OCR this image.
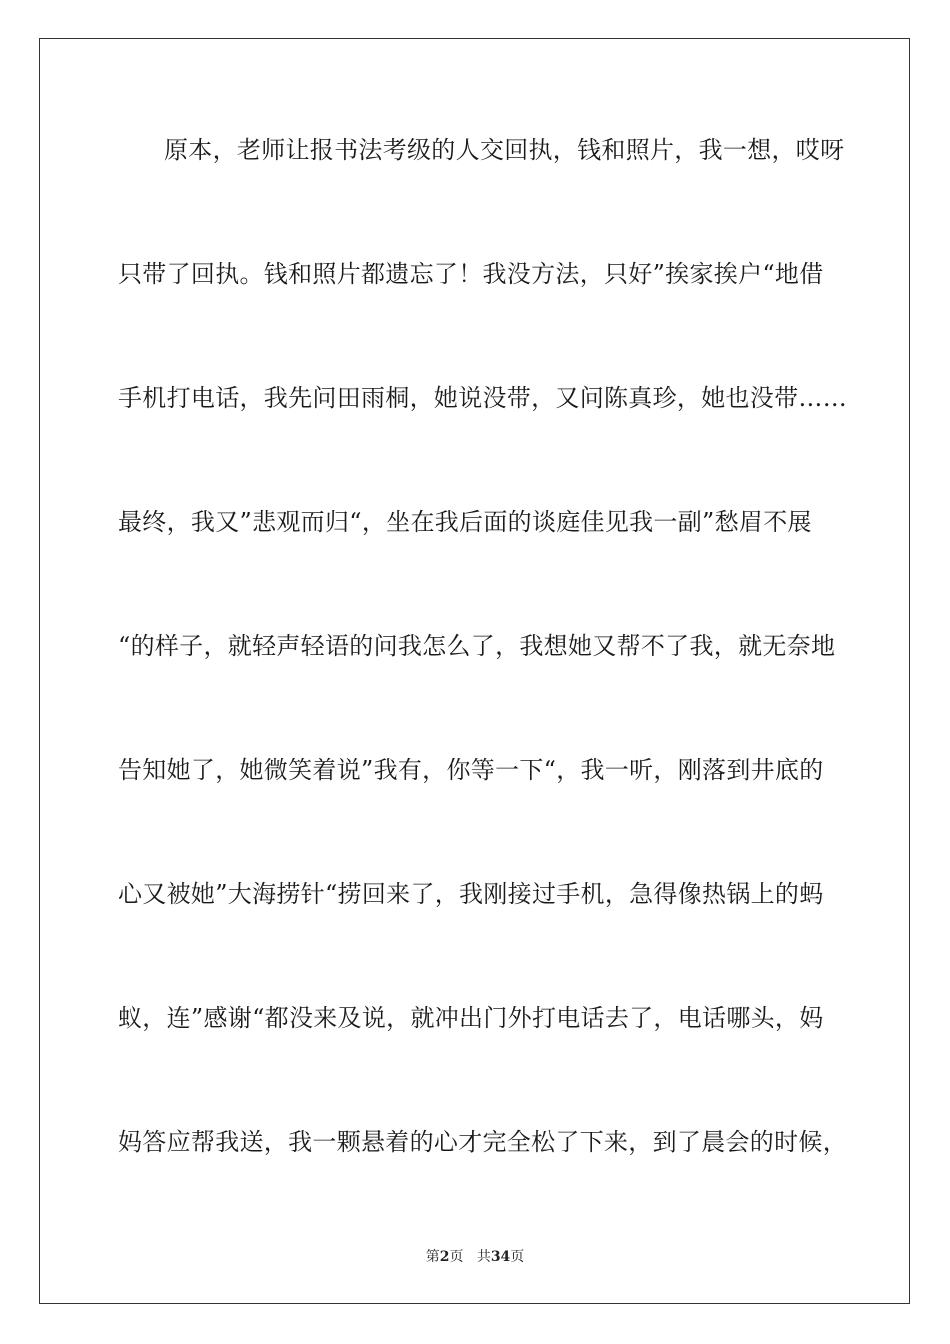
原本，老师让报书法考级的人交回执，钱和照片，我一想，哎呀
只带了回执。钱和照片都遗忘了！我没方法，只好”挨家挨户“地借
手机打电话，我先问田雨桐，她说没带，又问陈真珍，她也没带……
最终，我又”悲观而归“，坐在我后面的谈庭佳见我一副”愁眉不展
“的样子，就轻声轻语的问我怎么了，我想她又帮不了我，就无奈地
告知她了，她微笑着说”我有，你等一下“，我一听，刚落到井底的
心又被她”大海捞针“捞回来了，我刚接过手机，急得像热锅上的蚂
蚁，连”感谢“都没来及说，就冲出门外打电话去了，电话哪头，妈
妈答应帮我送，我一颗悬着的心才完全松了下来，到了晨会的时候，
第2页 共34页
